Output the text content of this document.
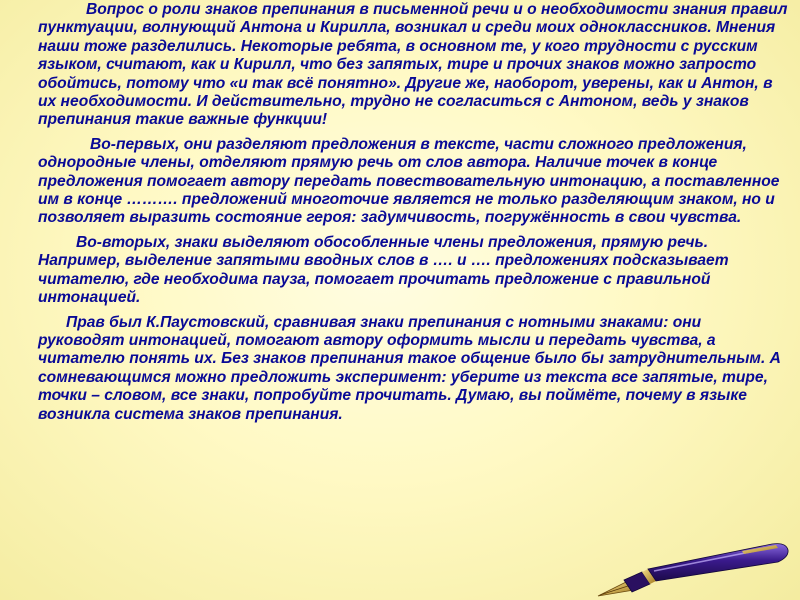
Вопрос о роли знаков препинания в письменной речи и о необходимости знания правил пунктуации, волнующий Антона и Кирилла, возникал и среди моих одноклассников. Мнения наши тоже разделились. Некоторые ребята, в основном те, у кого трудности с русским языком, считают, как и Кирилл, что без запятых, тире и прочих знаков можно запросто обойтись, потому что «и так всё понятно». Другие же, наоборот, уверены, как и Антон, в их необходимости. И действительно, трудно не согласиться с Антоном, ведь у знаков препинания такие важные функции!

Во-первых, они разделяют предложения в тексте, части сложного предложения, однородные члены, отделяют прямую речь от слов автора. Наличие точек в конце предложения помогает автору передать повествовательную интонацию, а поставленное им в конце ………. предложений многоточие является не только разделяющим знаком, но и позволяет выразить состояние героя: задумчивость, погружённость в свои чувства.

Во-вторых, знаки выделяют обособленные члены предложения, прямую речь. Например, выделение запятыми вводных слов в …. и …. предложениях подсказывает читателю, где необходима пауза, помогает прочитать предложение с правильной интонацией.

Прав был К.Паустовский, сравнивая знаки препинания с нотными знаками: они руководят интонацией, помогают автору оформить мысли и передать чувства, а читателю понять их. Без знаков препинания такое общение было бы затруднительным. А сомневающимся можно предложить эксперимент: уберите из текста все запятые, тире, точки – словом, все знаки, попробуйте прочитать. Думаю, вы поймёте, почему в языке возникла система знаков препинания.
